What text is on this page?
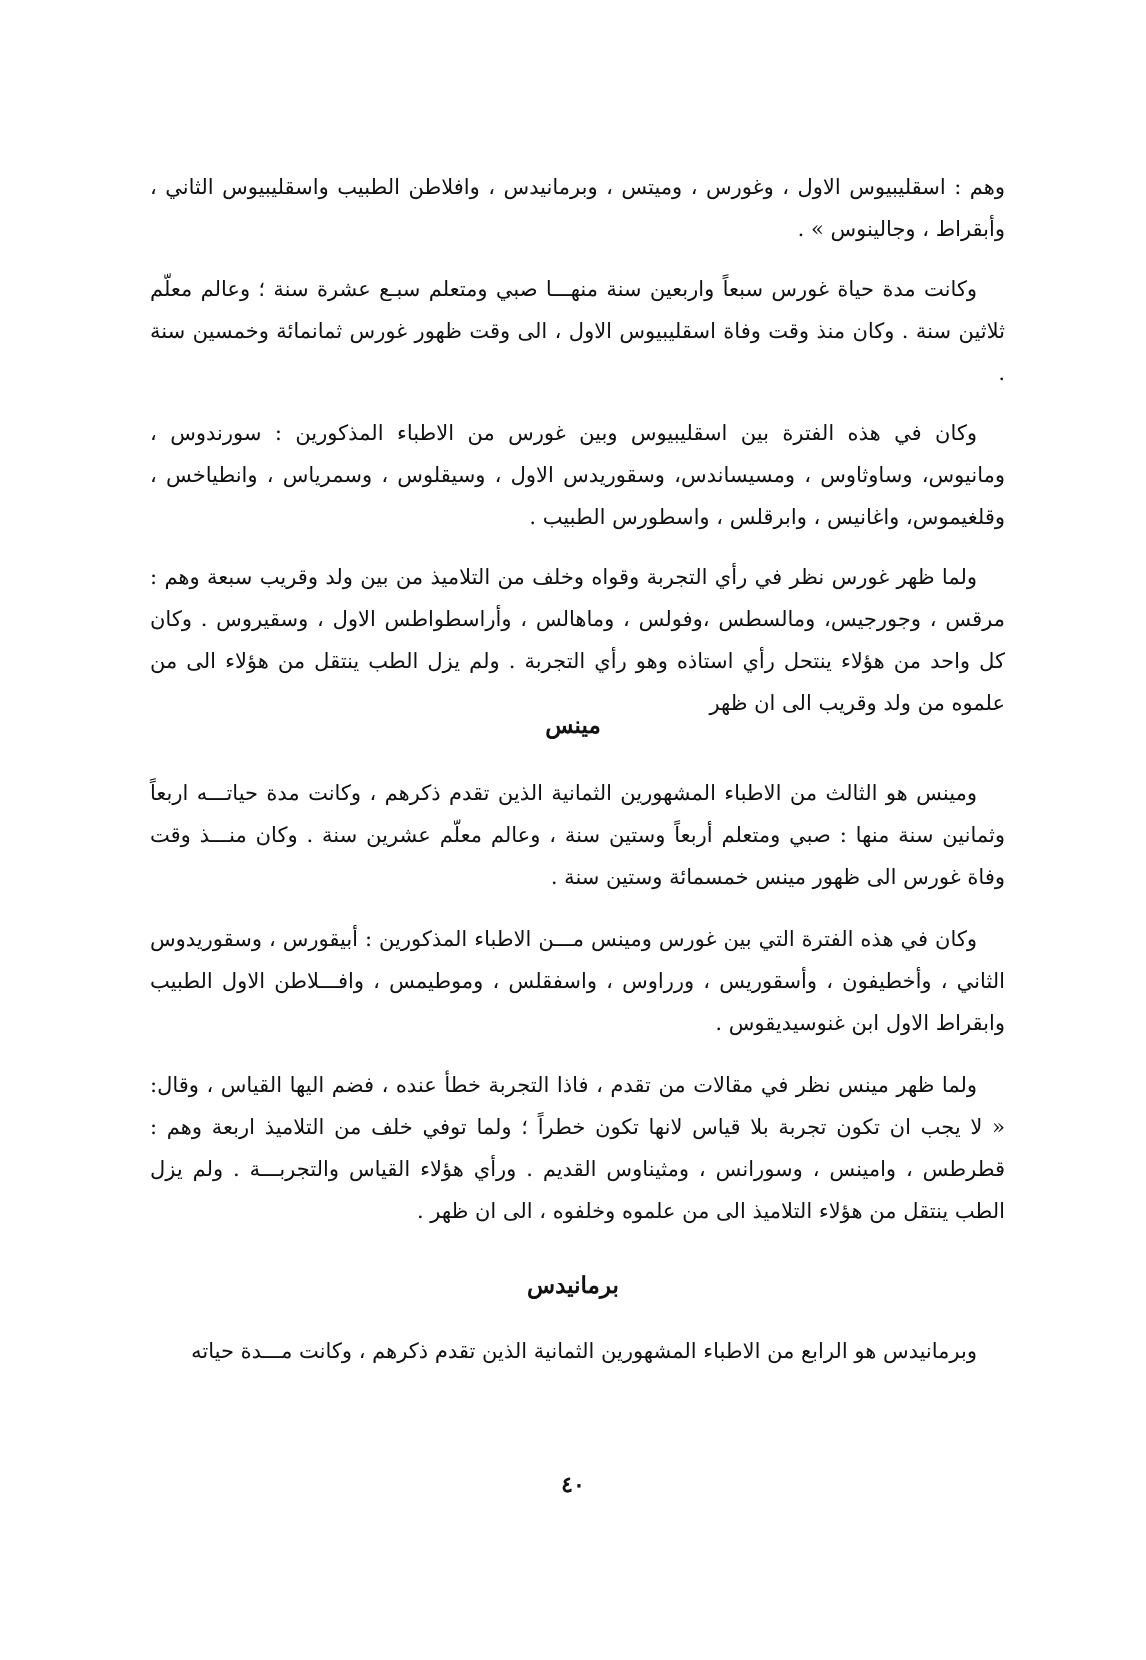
وهم : اسقليبيوس الاول ، وغورس ، وميتس ، وبرمانيدس ، وافلاطن الطبيب واسقليبيوس الثاني ، وأبقراط ، وجالينوس » .

وكانت مدة حياة غورس سبعاً واربعين سنة منهـــا صبي ومتعلم سبـع عشرة سنة ؛ وعالم معلّم ثلاثين سنة . وكان منذ وقت وفاة اسقليبيوس الاول ، الى وقت ظهور غورس ثمانمائة وخمسين سنة .

وكان في هذه الفترة بين اسقليبيوس وبين غورس من الاطباء المذكورين : سورندوس ، ومانيوس، وساوثاوس ، ومسيساندس، وسقوريدس الاول ، وسيقلوس ، وسمرياس ، وانطياخس ، وقلغيموس، واغانيس ، وابرقلس ، واسطورس الطبيب .

ولما ظهر غورس نظر في رأي التجربة وقواه وخلف من التلاميذ من بين ولد وقريب سبعة وهم : مرقس ، وجورجيس، ومالسطس ،وفولس ، وماهالس ، وأراسطواطس الاول ، وسقيروس . وكان كل واحد من هؤلاء ينتحل رأي استاذه وهو رأي التجربة . ولم يزل الطب ينتقل من هؤلاء الى من علموه من ولد وقريب الى ان ظهر

مينس

ومينس هو الثالث من الاطباء المشهورين الثمانية الذين تقدم ذكرهم ، وكانت مدة حياتـــه اربعاً وثمانين سنة منها : صبي ومتعلم أربعاً وستين سنة ، وعالم معلّم عشرين سنة . وكان منـــذ وقت وفاة غورس الى ظهور مينس خمسمائة وستين سنة .

وكان في هذه الفترة التي بين غورس ومينس مـــن الاطباء المذكورين : أبيقورس ، وسقوريدوس الثاني ، وأخطيفون ، وأسقوريس ، ورراوس ، واسفقلس ، وموطيمس ، وافـــلاطن الاول الطبيب وابقراط الاول ابن غنوسيديقوس .

ولما ظهر مينس نظر في مقالات من تقدم ، فاذا التجربة خطأ عنده ، فضم اليها القياس ، وقال: « لا يجب ان تكون تجربة بلا قياس لانها تكون خطراً ؛ ولما توفي خلف من التلاميذ اربعة وهم : قطرطس ، وامينس ، وسورانس ، ومثيناوس القديم . ورأي هؤلاء القياس والتجربـــة . ولم يزل الطب ينتقل من هؤلاء التلاميذ الى من علموه وخلفوه ، الى ان ظهر .

برمانيدس

وبرمانيدس هو الرابع من الاطباء المشهورين الثمانية الذين تقدم ذكرهم ، وكانت مـــدة حياته

٤٠
